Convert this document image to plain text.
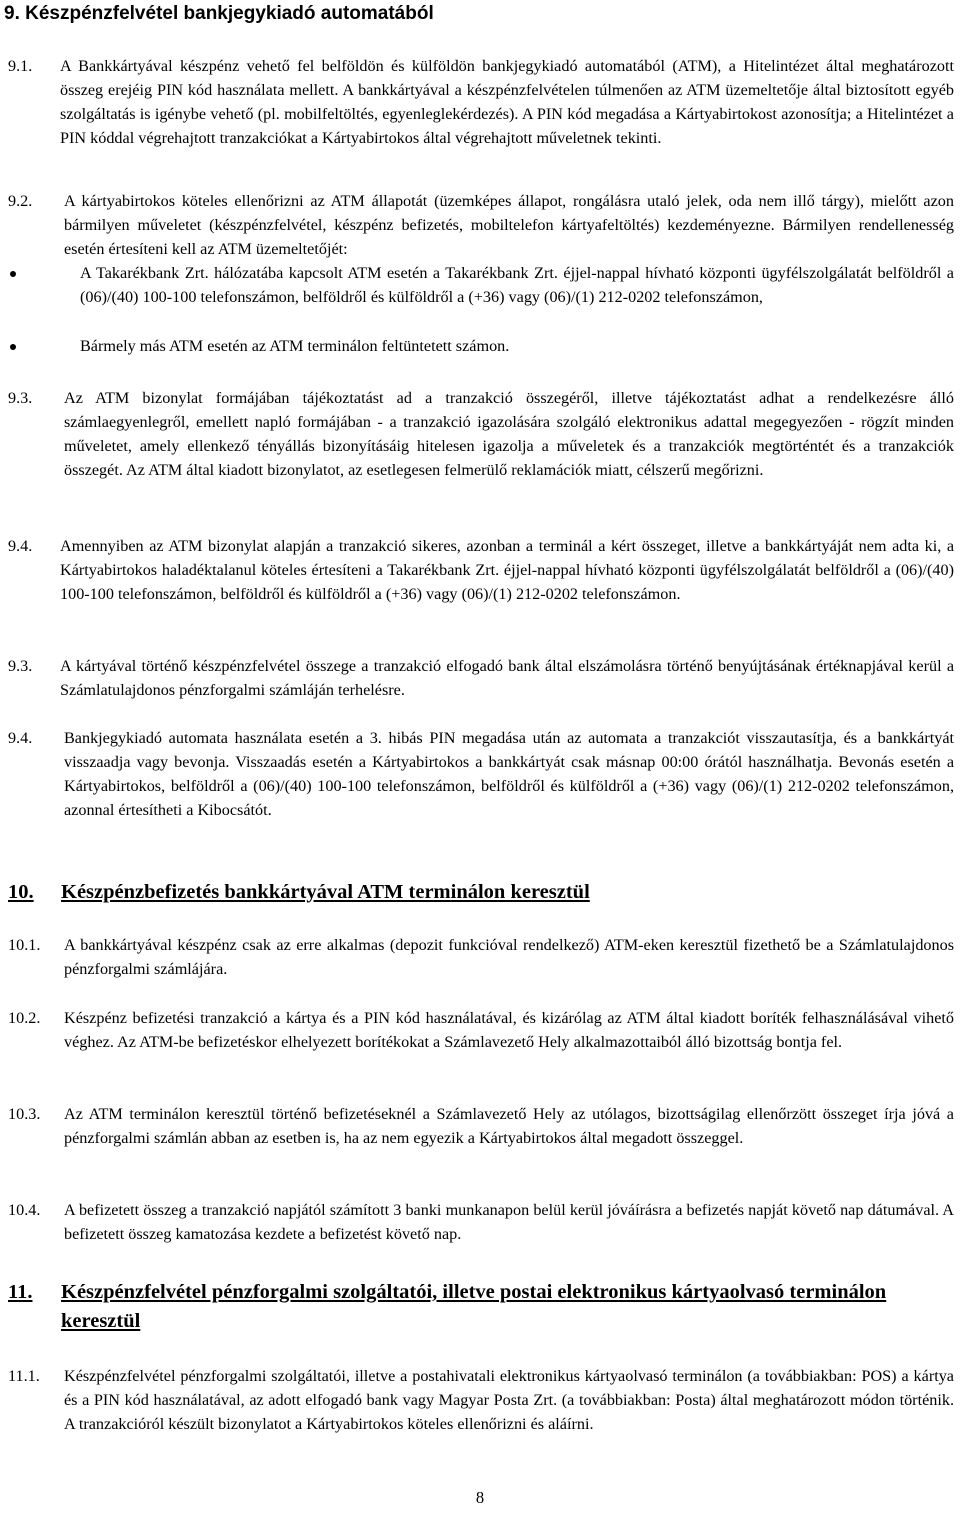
9. Készpénzfelvétel bankjegykiadó automatából
9.1. A Bankkártyával készpénz vehető fel belföldön és külföldön bankjegykiadó automatából (ATM), a Hitelintézet által meghatározott összeg erejéig PIN kód használata mellett. A bankkártyával a készpénzfelvételen túlmenően az ATM üzemeltetője által biztosított egyéb szolgáltatás is igénybe vehető (pl. mobilfeltöltés, egyenleglekérdezés). A PIN kód megadása a Kártyabirtokost azonosítja; a Hitelintézet a PIN kóddal végrehajtott tranzakciókat a Kártyabirtokos által végrehajtott műveletnek tekinti.
9.2. A kártyabirtokos köteles ellenőrizni az ATM állapotát (üzemképes állapot, rongálásra utaló jelek, oda nem illő tárgy), mielőtt azon bármilyen műveletet (készpénzfelvétel, készpénz befizetés, mobiltelefon kártyafeltöltés) kezdeményezne. Bármilyen rendellenesség esetén értesíteni kell az ATM üzemeltetőjét:
A Takarékbank Zrt. hálózatába kapcsolt ATM esetén a Takarékbank Zrt. éjjel-nappal hívható központi ügyfélszolgálatát belföldről a (06)/(40) 100-100 telefonszámon, belföldről és külföldről a (+36) vagy (06)/(1) 212-0202 telefonszámon,
Bármely más ATM esetén az ATM terminálon feltüntetett számon.
9.3. Az ATM bizonylat formájában tájékoztatást ad a tranzakció összegéről, illetve tájékoztatást adhat a rendelkezésre álló számlaegyenlegről, emellett napló formájában - a tranzakció igazolására szolgáló elektronikus adattal megegyezően - rögzít minden műveletet, amely ellenkező tényállás bizonyításáig hitelesen igazolja a műveletek és a tranzakciók megtörténtét és a tranzakciók összegét. Az ATM által kiadott bizonylatot, az esetlegesen felmerülő reklamációk miatt, célszerű megőrizni.
9.4. Amennyiben az ATM bizonylat alapján a tranzakció sikeres, azonban a terminál a kért összeget, illetve a bankkártyáját nem adta ki, a Kártyabirtokos haladéktalanul köteles értesíteni a Takarékbank Zrt. éjjel-nappal hívható központi ügyfélszolgálatát belföldről a (06)/(40) 100-100 telefonszámon, belföldről és külföldről a (+36) vagy (06)/(1) 212-0202 telefonszámon.
9.3. A kártyával történő készpénzfelvétel összege a tranzakció elfogadó bank által elszámolásra történő benyújtásának értéknapjával kerül a Számlatulajdonos pénzforgalmi számláján terhelésre.
9.4. Bankjegykiadó automata használata esetén a 3. hibás PIN megadása után az automata a tranzakciót visszautasítja, és a bankkártyát visszaadja vagy bevonja. Visszaadás esetén a Kártyabirtokos a bankkártyát csak másnap 00:00 órától használhatja. Bevonás esetén a Kártyabirtokos, belföldről a (06)/(40) 100-100 telefonszámon, belföldről és külföldről a (+36) vagy (06)/(1) 212-0202 telefonszámon, azonnal értesítheti a Kibocsátót.
10. Készpénzbefizetés bankkártyával ATM terminálon keresztül
10.1. A bankkártyával készpénz csak az erre alkalmas (depozit funkcióval rendelkező) ATM-eken keresztül fizethető be a Számlatulajdonos pénzforgalmi számlájára.
10.2. Készpénz befizetési tranzakció a kártya és a PIN kód használatával, és kizárólag az ATM által kiadott boríték felhasználásával vihető véghez. Az ATM-be befizetéskor elhelyezett borítékokat a Számlavezető Hely alkalmazottaiból álló bizottság bontja fel.
10.3. Az ATM terminálon keresztül történő befizetéseknél a Számlavezető Hely az utólagos, bizottságilag ellenőrzött összeget írja jóvá a pénzforgalmi számlán abban az esetben is, ha az nem egyezik a Kártyabirtokos által megadott összeggel.
10.4. A befizetett összeg a tranzakció napjától számított 3 banki munkanapon belül kerül jóváírásra a befizetés napját követő nap dátumával. A befizetett összeg kamatozása kezdete a befizetést követő nap.
11. Készpénzfelvétel pénzforgalmi szolgáltatói, illetve postai elektronikus kártyaolvasó terminálon keresztül
11.1. Készpénzfelvétel pénzforgalmi szolgáltatói, illetve a postahivatali elektronikus kártyaolvasó terminálon (a továbbiakban: POS) a kártya és a PIN kód használatával, az adott elfogadó bank vagy Magyar Posta Zrt. (a továbbiakban: Posta) által meghatározott módon történik. A tranzakcióról készült bizonylatot a Kártyabirtokos köteles ellenőrizni és aláírni.
8
